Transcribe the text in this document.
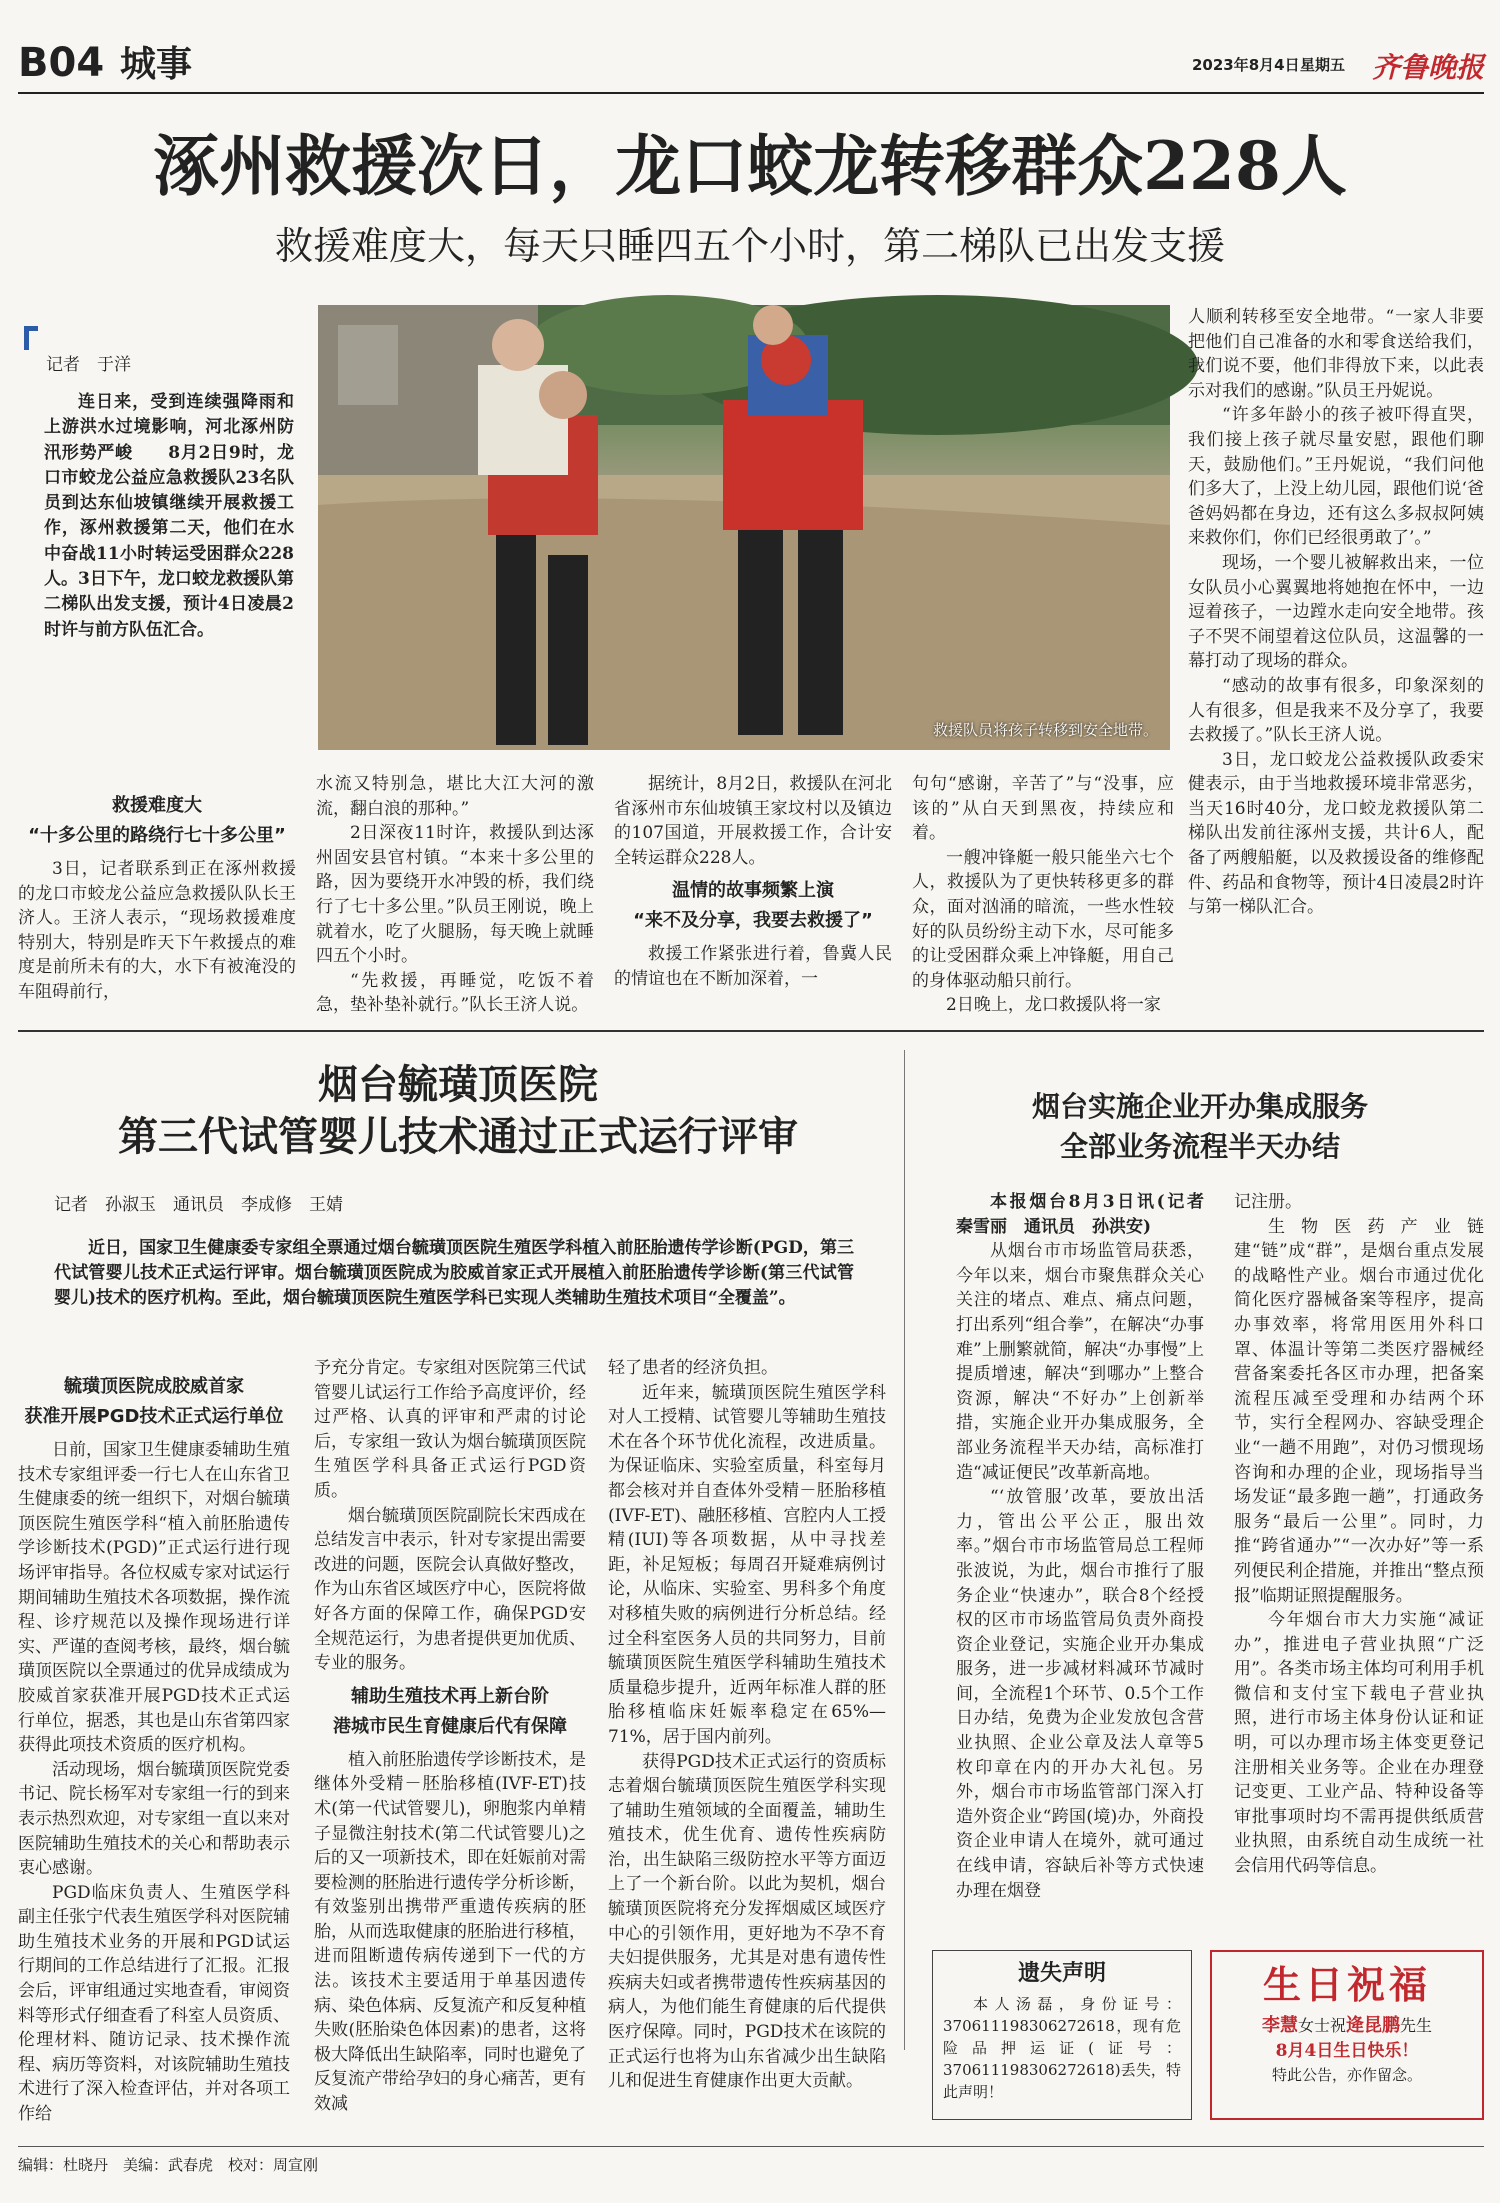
B04 城事	2023年8月4日 星期五 齐鲁晚报
涿州救援次日，龙口蛟龙转移群众228人
救援难度大，每天只睡四五个小时，第二梯队已出发支援
记者　于洋

连日来，受到连续强降雨和上游洪水过境影响，河北涿州防汛形势严峻　　8月2日9时，龙口市蛟龙公益应急救援队23名队员到达东仙坡镇继续开展救援工作，涿州救援第二天，他们在水中奋战11小时转运受困群众228人。3日下午，龙口蛟龙救援队第二梯队出发支援，预计4日凌晨2时许与前方队伍汇合。

救援队员将孩子转移到安全地带。

人顺利转移至安全地带。“一家人非要把他们自己准备的水和零食送给我们，我们说不要，他们非得放下来，以此表示对我们的感谢。”队员王丹妮说。

“许多年龄小的孩子被吓得直哭，我们接上孩子就尽量安慰，跟他们聊天，鼓励他们。”王丹妮说，“我们问他们多大了，上没上幼儿园，跟他们说‘爸爸妈妈都在身边，还有这么多叔叔阿姨来救你们，你们已经很勇敢了’。”

现场，一个婴儿被解救出来，一位女队员小心翼翼地将她抱在怀中，一边逗着孩子，一边蹚水走向安全地带。孩子不哭不闹望着这位队员，这温馨的一幕打动了现场的群众。

“感动的故事有很多，印象深刻的人有很多，但是我来不及分享了，我要去救援了。”队长王济人说。

3日，龙口蛟龙公益救援队政委宋健表示，由于当地救援环境非常恶劣，当天16时40分，龙口蛟龙救援队第二梯队出发前往涿州支援，共计6人，配备了两艘船艇，以及救援设备的维修配件、药品和食物等，预计4日凌晨2时许与第一梯队汇合。

救援难度大
“十多公里的路绕行七十多公里”

3日，记者联系到正在涿州救援的龙口市蛟龙公益应急救援队队长王济人。王济人表示，“现场救援难度特别大，特别是昨天下午救援点的难度是前所未有的大，水下有被淹没的车阻碍前行，

水流又特别急，堪比大江大河的激流，翻白浪的那种。”

2日深夜11时许，救援队到达涿州固安县官村镇。“本来十多公里的路，因为要绕开水冲毁的桥，我们绕行了七十多公里。”队员王刚说，晚上就着水，吃了火腿肠，每天晚上就睡四五个小时。

“先救援，再睡觉，吃饭不着急，垫补垫补就行。”队长王济人说。

据统计，8月2日，救援队在河北省涿州市东仙坡镇王家坟村以及镇边的107国道，开展救援工作，合计安全转运群众228人。

温情的故事频繁上演
“来不及分享，我要去救援了”

救援工作紧张进行着，鲁冀人民的情谊也在不断加深着，一

句句“感谢，辛苦了”与“没事，应该的”从白天到黑夜，持续应和着。

一艘冲锋艇一般只能坐六七个人，救援队为了更快转移更多的群众，面对汹涌的暗流，一些水性较好的队员纷纷主动下水，尽可能多的让受困群众乘上冲锋艇，用自己的身体驱动船只前行。

2日晚上，龙口救援队将一家

烟台毓璜顶医院
第三代试管婴儿技术通过正式运行评审
记者　孙淑玉　通讯员　李成修　王婧

近日，国家卫生健康委专家组全票通过烟台毓璜顶医院生殖医学科植入前胚胎遗传学诊断(PGD，第三代试管婴儿技术正式运行评审。烟台毓璜顶医院成为胶威首家正式开展植入前胚胎遗传学诊断(第三代试管婴儿)技术的医疗机构。至此，烟台毓璜顶医院生殖医学科已实现人类辅助生殖技术项目“全覆盖”。

毓璜顶医院成胶威首家
获准开展PGD技术正式运行单位

日前，国家卫生健康委辅助生殖技术专家组评委一行七人在山东省卫生健康委的统一组织下，对烟台毓璜顶医院生殖医学科“植入前胚胎遗传学诊断技术(PGD)”正式运行进行现场评审指导。各位权威专家对试运行期间辅助生殖技术各项数据，操作流程、诊疗规范以及操作现场进行详实、严谨的查阅考核，最终，烟台毓璜顶医院以全票通过的优异成绩成为胶威首家获准开展PGD技术正式运行单位，据悉，其也是山东省第四家获得此项技术资质的医疗机构。

活动现场，烟台毓璜顶医院党委书记、院长杨军对专家组一行的到来表示热烈欢迎，对专家组一直以来对医院辅助生殖技术的关心和帮助表示衷心感谢。

PGD临床负责人、生殖医学科副主任张宁代表生殖医学科对医院辅助生殖技术业务的开展和PGD试运行期间的工作总结进行了汇报。汇报会后，评审组通过实地查看，审阅资料等形式仔细查看了科室人员资质、伦理材料、随访记录、技术操作流程、病历等资料，对该院辅助生殖技术进行了深入检查评估，并对各项工作给

予充分肯定。专家组对医院第三代试管婴儿试运行工作给予高度评价，经过严格、认真的评审和严肃的讨论后，专家组一致认为烟台毓璜顶医院生殖医学科具备正式运行PGD资质。

烟台毓璜顶医院副院长宋西成在总结发言中表示，针对专家提出需要改进的问题，医院会认真做好整改，作为山东省区域医疗中心，医院将做好各方面的保障工作，确保PGD安全规范运行，为患者提供更加优质、专业的服务。

辅助生殖技术再上新台阶
港城市民生育健康后代有保障

植入前胚胎遗传学诊断技术，是继体外受精－胚胎移植(IVF-ET)技术(第一代试管婴儿)，卵胞浆内单精子显微注射技术(第二代试管婴儿)之后的又一项新技术，即在妊娠前对需要检测的胚胎进行遗传学分析诊断，有效鉴别出携带严重遗传疾病的胚胎，从而选取健康的胚胎进行移植，进而阻断遗传病传递到下一代的方法。该技术主要适用于单基因遗传病、染色体病、反复流产和反复种植失败(胚胎染色体因素)的患者，这将极大降低出生缺陷率，同时也避免了反复流产带给孕妇的身心痛苦，更有效减

轻了患者的经济负担。

近年来，毓璜顶医院生殖医学科对人工授精、试管婴儿等辅助生殖技术在各个环节优化流程，改进质量。为保证临床、实验室质量，科室每月都会核对并自查体外受精－胚胎移植(IVF-ET)、融胚移植、宫腔内人工授精(IUI)等各项数据，从中寻找差距，补足短板；每周召开疑难病例讨论，从临床、实验室、男科多个角度对移植失败的病例进行分析总结。经过全科室医务人员的共同努力，目前毓璜顶医院生殖医学科辅助生殖技术质量稳步提升，近两年标准人群的胚胎移植临床妊娠率稳定在65%—71%，居于国内前列。

获得PGD技术正式运行的资质标志着烟台毓璜顶医院生殖医学科实现了辅助生殖领域的全面覆盖，辅助生殖技术，优生优育、遗传性疾病防治，出生缺陷三级防控水平等方面迈上了一个新台阶。以此为契机，烟台毓璜顶医院将充分发挥烟威区域医疗中心的引领作用，更好地为不孕不育夫妇提供服务，尤其是对患有遗传性疾病夫妇或者携带遗传性疾病基因的病人，为他们能生育健康的后代提供医疗保障。同时，PGD技术在该院的正式运行也将为山东省减少出生缺陷儿和促进生育健康作出更大贡献。

烟台实施企业开办集成服务
全部业务流程半天办结

本报烟台8月3日讯(记者　秦雪丽　通讯员　孙洪安)

从烟台市市场监管局获悉，今年以来，烟台市聚焦群众关心关注的堵点、难点、痛点问题，打出系列“组合拳”，在解决“办事难”上删繁就简，解决“办事慢”上提质增速，解决“到哪办”上整合资源，解决“不好办”上创新举措，实施企业开办集成服务，全部业务流程半天办结，高标准打造“减证便民”改革新高地。

“‘放管服’改革，要放出活力，管出公平公正，服出效率。”烟台市市场监管局总工程师张波说，为此，烟台市推行了服务企业“快速办”，联合8个经授权的区市市场监管局负责外商投资企业登记，实施企业开办集成服务，进一步减材料减环节减时间，全流程1个环节、0.5个工作日办结，免费为企业发放包含营业执照、企业公章及法人章等5枚印章在内的开办大礼包。另外，烟台市市场监管部门深入打造外资企业“跨国(境)办，外商投资企业申请人在境外，就可通过在线申请，容缺后补等方式快速办理在烟登

记注册。

生物医药产业链建“链”成“群”，是烟台重点发展的战略性产业。烟台市通过优化简化医疗器械备案等程序，提高办事效率，将常用医用外科口罩、体温计等第二类医疗器械经营备案委托各区市办理，把备案流程压减至受理和办结两个环节，实行全程网办、容缺受理企业“一趟不用跑”，对仍习惯现场咨询和办理的企业，现场指导当场发证“最多跑一趟”，打通政务服务“最后一公里”。同时，力推“跨省通办”“一次办好”等一系列便民利企措施，并推出“整点预报”临期证照提醒服务。

今年烟台市大力实施“减证办”，推进电子营业执照“广泛用”。各类市场主体均可利用手机微信和支付宝下载电子营业执照，进行市场主体身份认证和证明，可以办理市场主体变更登记注册相关业务等。企业在办理登记变更、工业产品、特种设备等审批事项时均不需再提供纸质营业执照，由系统自动生成统一社会信用代码等信息。

遗失声明
本人汤磊，身份证号：370611198306272618，现有危险品押运证(证号：370611198306272618)丢失，特此声明！
生日祝福
李慧女士祝逄昆鹏先生
8月4日生日快乐！
特此公告，亦作留念。
编辑：杜晓丹　美编：武春虎　校对：周宣刚
